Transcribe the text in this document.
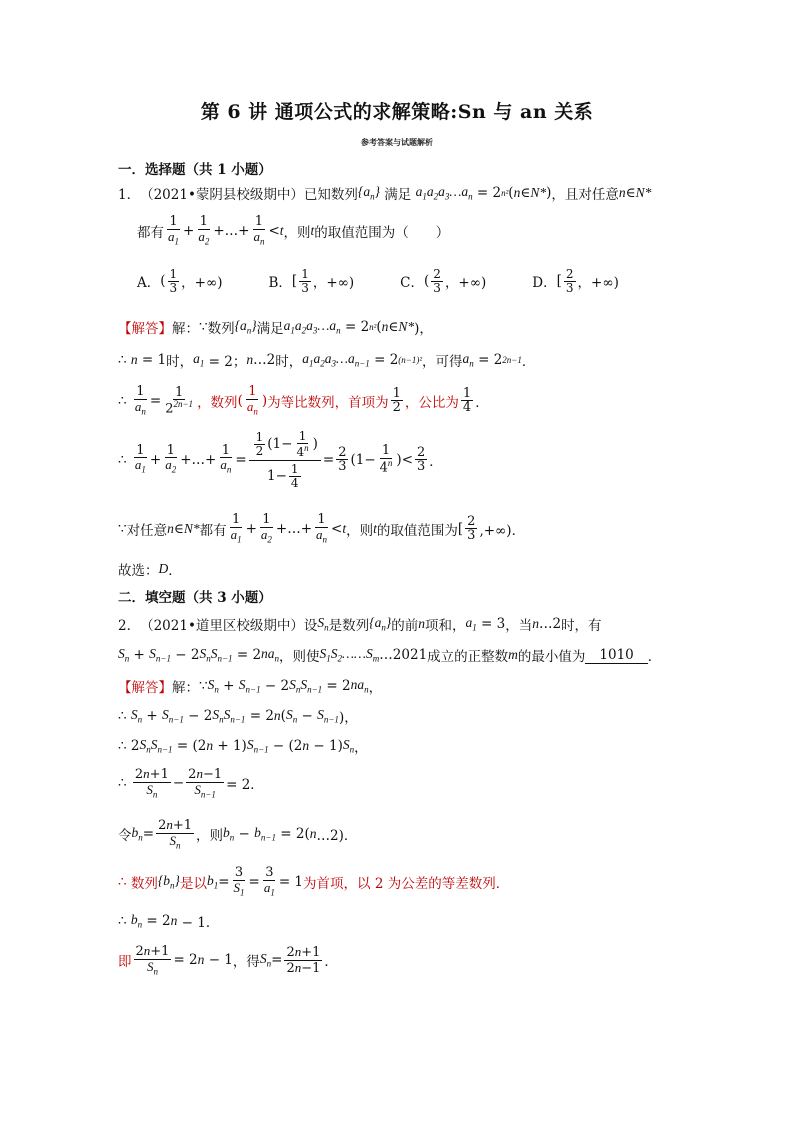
第 6 讲 通项公式的求解策略:Sn 与 an 关系
参考答案与试题解析
一．选择题（共 1 小题）
1． （2021•蒙阴县校级期中）已知数列 $\{a_n\}$ 满足 $a_1a_2a_3\dots a_n = 2$ n² ( n ∈ N* ) ，且对任意 n ∈ N*
都有 $\frac{1}{a_1} + \frac{1}{a_2}$ +…+ $\frac{1}{a_n} < t$ ，则 t 的取值范围为（　　）
A． ( $\frac{1}{3}$ ，+∞)	B． [ $\frac{1}{3}$ ，+∞)	C． ( $\frac{2}{3}$ ，+∞)	D． [ $\frac{2}{3}$ ，+∞)
【解答】 解： ∵ 数列 $\{a_n\}$ 满足 $a_1a_2a_3\dots a_n = 2$ n² ( n ∈ N* )，
∴ n = 1 时， $a_1 = 2$； n …2 时， $a_1a_2a_3\dots a_{n-1} = 2$ (n−1)² ，可得 $a_n = 2$ 2n−1 ．
∴ $\frac{1}{a_n} = \frac{1}{2^{2n-1}}$ ，数列 ( $\frac{1}{a_n}$ ) 为等比数列，首项为 $\frac{1}{2}$ ，公比为 $\frac{1}{4}$ ．
∴ $\frac{1}{a_1} + \frac{1}{a_2}$ +…+ $\frac{1}{a_n} = \frac{\frac{1}{2} (1- \frac{1}{4^n} )}{1- \frac{1}{4}} = \frac{2}{3} (1- \frac{1}{4^n}$ )< $\frac{2}{3}$ ．
∵ 对任意 n ∈ N* 都有 $\frac{1}{a_1} + \frac{1}{a_2}$ +…+ $\frac{1}{a_n} < t$ ，则 t 的取值范围为 [ $\frac{2}{3}$ ,+∞)．
故选： D ．
二．填空题（共 3 小题）
2． （2021•道里区校级期中）设 $S_n$ 是数列 $\{a_n\}$ 的前 n 项和， $a_1 = 3$ ，当 n …2 时，有
$S_n + S_{n-1} - 2$ $S_nS_{n-1} = 2$ $na_n$ ，则使 $S_1S_2\dots\dots S_m$ …2021 成立的正整数 m 的最小值为	1010	．
【解答】 解： ∵ $S_n + S_{n-1} - 2$ $S_nS_{n-1} = 2$ $na_n$ ，
∴ $S_n + S_{n-1} - 2$ $S_nS_{n-1} = 2$ n ( $S_n - S_{n-1}$ )，
∴ 2 $S_nS_{n-1} = (2$ n + 1) $S_{n-1} - (2$ n − 1) $S_n$ ，
∴ $\frac{2n+1}{S_n} - \frac{2n-1}{S_{n-1}} = 2$．
令 $b_n = \frac{2n+1}{S_n}$ ，则 $b_n - b_{n-1} = 2$( n …2)．
∴ 数列 $\{b_n\}$ 是以 $b_1 = \frac{3}{S_1} = \frac{3}{a_1} = 1$ 为首项，以 2 为公差的等差数列．
∴ $b_n = 2$ n − 1．
即 $\frac{2n+1}{S_n} = 2$ n − 1 ，得 $S_n = \frac{2n+1}{2n-1}$ ．
